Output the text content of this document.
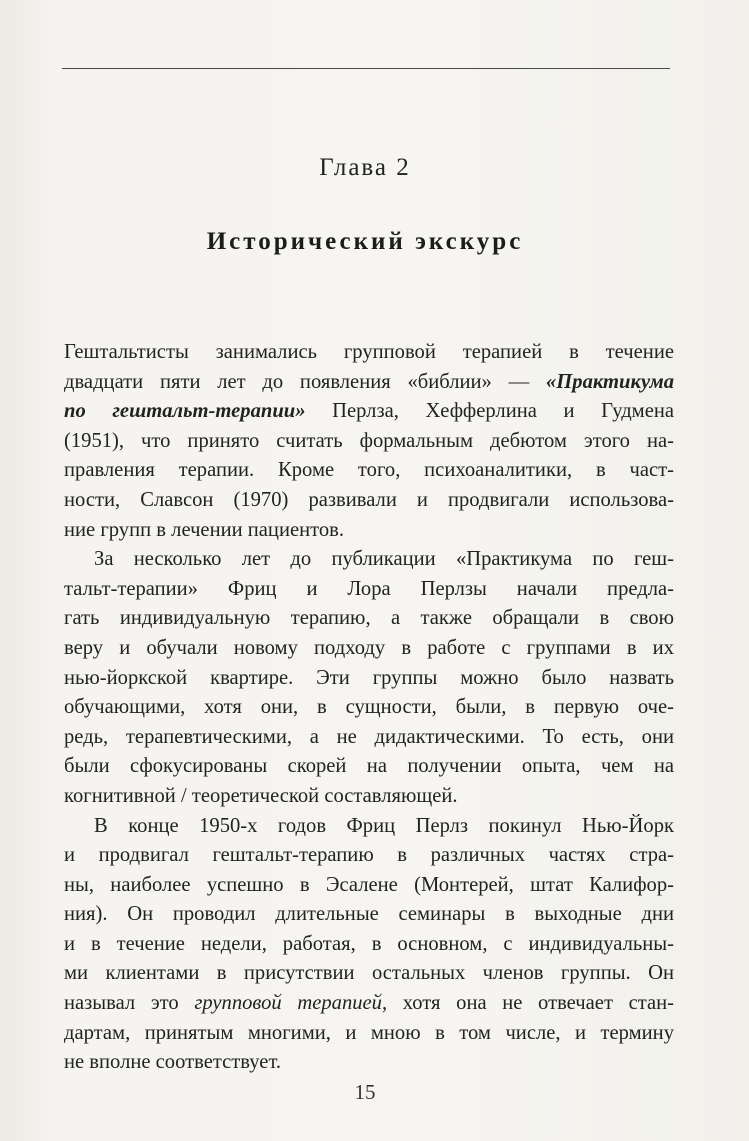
Глава 2
Исторический экскурс
Гештальтисты занимались групповой терапией в течение
двадцати пяти лет до появления «библии» — «Практикума
по гештальт-терапии» Перлза, Хефферлина и Гудмена
(1951), что принято считать формальным дебютом этого на-
правления терапии. Кроме того, психоаналитики, в част-
ности, Славсон (1970) развивали и продвигали использова-
ние групп в лечении пациентов.
За несколько лет до публикации «Практикума по геш-
тальт-терапии» Фриц и Лора Перлзы начали предла-
гать индивидуальную терапию, а также обращали в свою
веру и обучали новому подходу в работе с группами в их
нью-йоркской квартире. Эти группы можно было назвать
обучающими, хотя они, в сущности, были, в первую оче-
редь, терапевтическими, а не дидактическими. То есть, они
были сфокусированы скорей на получении опыта, чем на
когнитивной / теоретической составляющей.
В конце 1950-х годов Фриц Перлз покинул Нью-Йорк
и продвигал гештальт-терапию в различных частях стра-
ны, наиболее успешно в Эсалене (Монтерей, штат Калифор-
ния). Он проводил длительные семинары в выходные дни
и в течение недели, работая, в основном, с индивидуальны-
ми клиентами в присутствии остальных членов группы. Он
называл это групповой терапией, хотя она не отвечает стан-
дартам, принятым многими, и мною в том числе, и термину
не вполне соответствует.
15
